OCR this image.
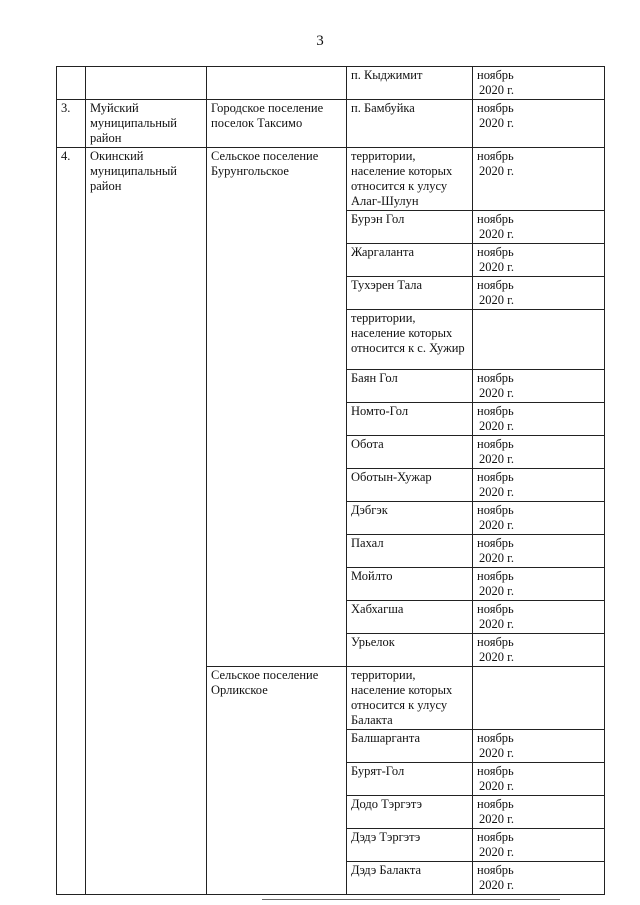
3
			п. Кыджимит	ноябрь
2020 г.

3.	Муйский муниципальный район	Городское поселение поселок Таксимо	п. Бамбуйка	ноябрь
2020 г.

4.	Окинский муниципальный район	Сельское поселение Бурунгольское	территории, население которых относится к улусу Алаг-Шулун	ноябрь
2020 г.

			Бурэн Гол	ноябрь
2020 г.

			Жаргаланта	ноябрь
2020 г.

			Тухэрен Тала	ноябрь
2020 г.

			территории, население которых относится к с. Хужир	
			Баян Гол	ноябрь
2020 г.

			Номто-Гол	ноябрь
2020 г.

			Обота	ноябрь
2020 г.

			Оботын-Хужар	ноябрь
2020 г.

			Дэбгэк	ноябрь
2020 г.

			Пахал	ноябрь
2020 г.

			Мойлто	ноябрь
2020 г.

			Хабхагша	ноябрь
2020 г.

			Урьелок	ноябрь
2020 г.

		Сельское поселение Орликское	территории, население которых относится к улусу Балакта	
			Балшарганта	ноябрь
2020 г.

			Бурят-Гол	ноябрь
2020 г.

			Додо Тэргэтэ	ноябрь
2020 г.

			Дэдэ Тэргэтэ	ноябрь
2020 г.

			Дэдэ Балакта	ноябрь
2020 г.
